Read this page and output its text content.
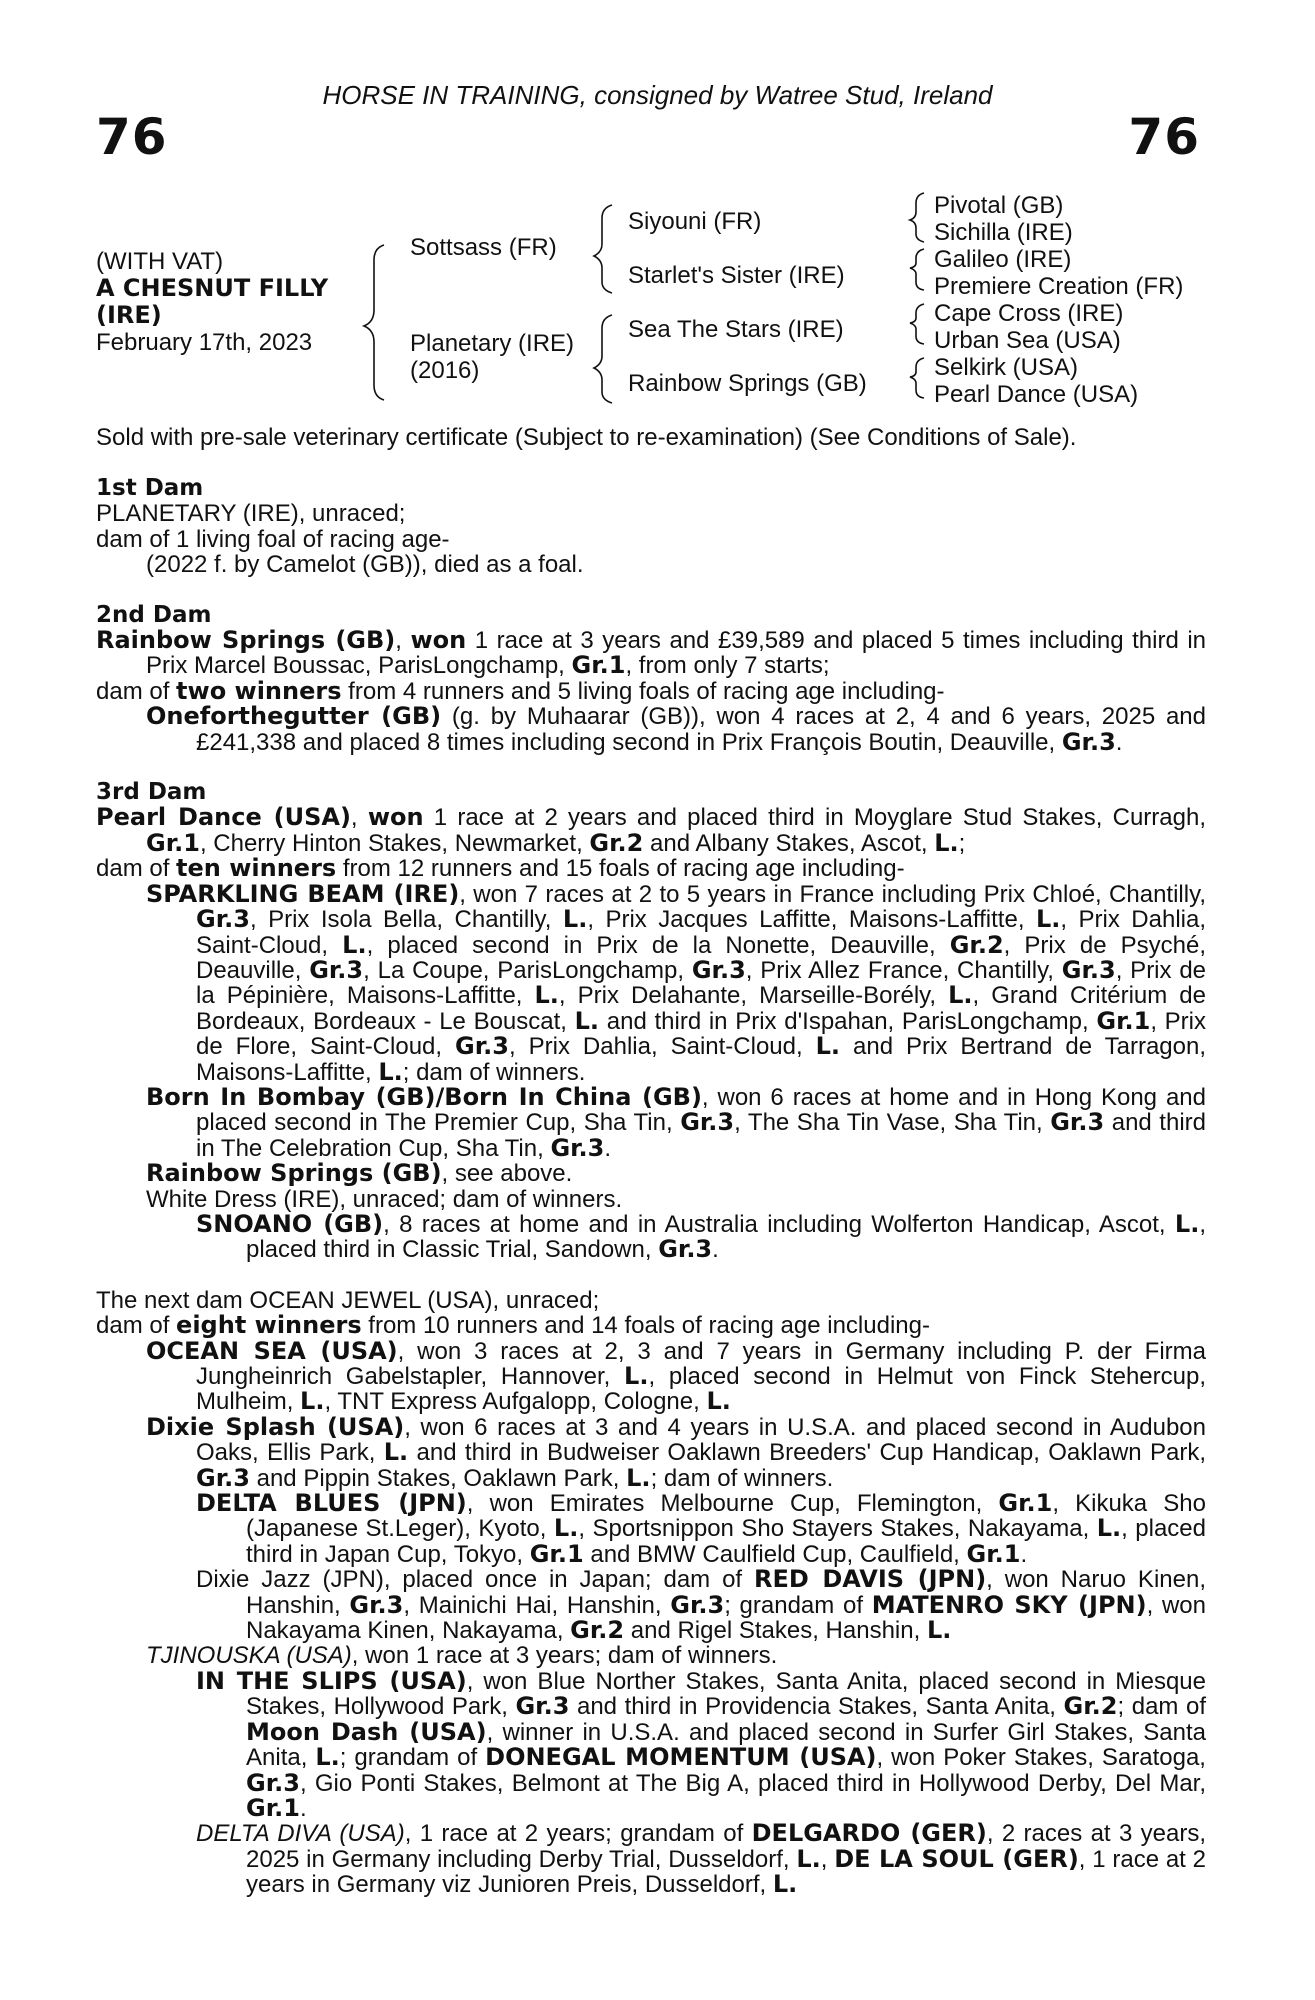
HORSE IN TRAINING, consigned by Watree Stud, Ireland
76	76
(WITH VAT)
A CHESNUT FILLY
(IRE)
February 17th, 2023
Sottsass (FR)
Planetary (IRE)
(2016)
Siyouni (FR)
Starlet's Sister (IRE)
Sea The Stars (IRE)
Rainbow Springs (GB)
Pivotal (GB)
Sichilla (IRE)
Galileo (IRE)
Premiere Creation (FR)
Cape Cross (IRE)
Urban Sea (USA)
Selkirk (USA)
Pearl Dance (USA)
Sold with pre-sale veterinary certificate (Subject to re-examination) (See Conditions of Sale).
1st Dam
PLANETARY (IRE), unraced;
dam of 1 living foal of racing age-
(2022 f. by Camelot (GB)), died as a foal.
2nd Dam
Rainbow Springs (GB), won 1 race at 3 years and £39,589 and placed 5 times including third in Prix Marcel Boussac, ParisLongchamp, Gr.1, from only 7 starts;
dam of two winners from 4 runners and 5 living foals of racing age including-
Oneforthegutter (GB) (g. by Muhaarar (GB)), won 4 races at 2, 4 and 6 years, 2025 and £241,338 and placed 8 times including second in Prix François Boutin, Deauville, Gr.3.
3rd Dam
Pearl Dance (USA), won 1 race at 2 years and placed third in Moyglare Stud Stakes, Curragh, Gr.1, Cherry Hinton Stakes, Newmarket, Gr.2 and Albany Stakes, Ascot, L.;
dam of ten winners from 12 runners and 15 foals of racing age including-
SPARKLING BEAM (IRE), won 7 races at 2 to 5 years in France including Prix Chloé, Chantilly, Gr.3, Prix Isola Bella, Chantilly, L., Prix Jacques Laffitte, Maisons-Laffitte, L., Prix Dahlia, Saint-Cloud, L., placed second in Prix de la Nonette, Deauville, Gr.2, Prix de Psyché, Deauville, Gr.3, La Coupe, ParisLongchamp, Gr.3, Prix Allez France, Chantilly, Gr.3, Prix de la Pépinière, Maisons-Laffitte, L., Prix Delahante, Marseille-Borély, L., Grand Critérium de Bordeaux, Bordeaux - Le Bouscat, L. and third in Prix d'Ispahan, ParisLongchamp, Gr.1, Prix de Flore, Saint-Cloud, Gr.3, Prix Dahlia, Saint-Cloud, L. and Prix Bertrand de Tarragon, Maisons-Laffitte, L.; dam of winners.
Born In Bombay (GB)/Born In China (GB), won 6 races at home and in Hong Kong and placed second in The Premier Cup, Sha Tin, Gr.3, The Sha Tin Vase, Sha Tin, Gr.3 and third in The Celebration Cup, Sha Tin, Gr.3.
Rainbow Springs (GB), see above.
White Dress (IRE), unraced; dam of winners.
SNOANO (GB), 8 races at home and in Australia including Wolferton Handicap, Ascot, L., placed third in Classic Trial, Sandown, Gr.3.
The next dam OCEAN JEWEL (USA), unraced;
dam of eight winners from 10 runners and 14 foals of racing age including-
OCEAN SEA (USA), won 3 races at 2, 3 and 7 years in Germany including P. der Firma Jungheinrich Gabelstapler, Hannover, L., placed second in Helmut von Finck Stehercup, Mulheim, L., TNT Express Aufgalopp, Cologne, L.
Dixie Splash (USA), won 6 races at 3 and 4 years in U.S.A. and placed second in Audubon Oaks, Ellis Park, L. and third in Budweiser Oaklawn Breeders' Cup Handicap, Oaklawn Park, Gr.3 and Pippin Stakes, Oaklawn Park, L.; dam of winners.
DELTA BLUES (JPN), won Emirates Melbourne Cup, Flemington, Gr.1, Kikuka Sho (Japanese St.Leger), Kyoto, L., Sportsnippon Sho Stayers Stakes, Nakayama, L., placed third in Japan Cup, Tokyo, Gr.1 and BMW Caulfield Cup, Caulfield, Gr.1.
Dixie Jazz (JPN), placed once in Japan; dam of RED DAVIS (JPN), won Naruo Kinen, Hanshin, Gr.3, Mainichi Hai, Hanshin, Gr.3; grandam of MATENRO SKY (JPN), won Nakayama Kinen, Nakayama, Gr.2 and Rigel Stakes, Hanshin, L.
TJINOUSKA (USA), won 1 race at 3 years; dam of winners.
IN THE SLIPS (USA), won Blue Norther Stakes, Santa Anita, placed second in Miesque Stakes, Hollywood Park, Gr.3 and third in Providencia Stakes, Santa Anita, Gr.2; dam of Moon Dash (USA), winner in U.S.A. and placed second in Surfer Girl Stakes, Santa Anita, L.; grandam of DONEGAL MOMENTUM (USA), won Poker Stakes, Saratoga, Gr.3, Gio Ponti Stakes, Belmont at The Big A, placed third in Hollywood Derby, Del Mar, Gr.1.
DELTA DIVA (USA), 1 race at 2 years; grandam of DELGARDO (GER), 2 races at 3 years, 2025 in Germany including Derby Trial, Dusseldorf, L., DE LA SOUL (GER), 1 race at 2 years in Germany viz Junioren Preis, Dusseldorf, L.
